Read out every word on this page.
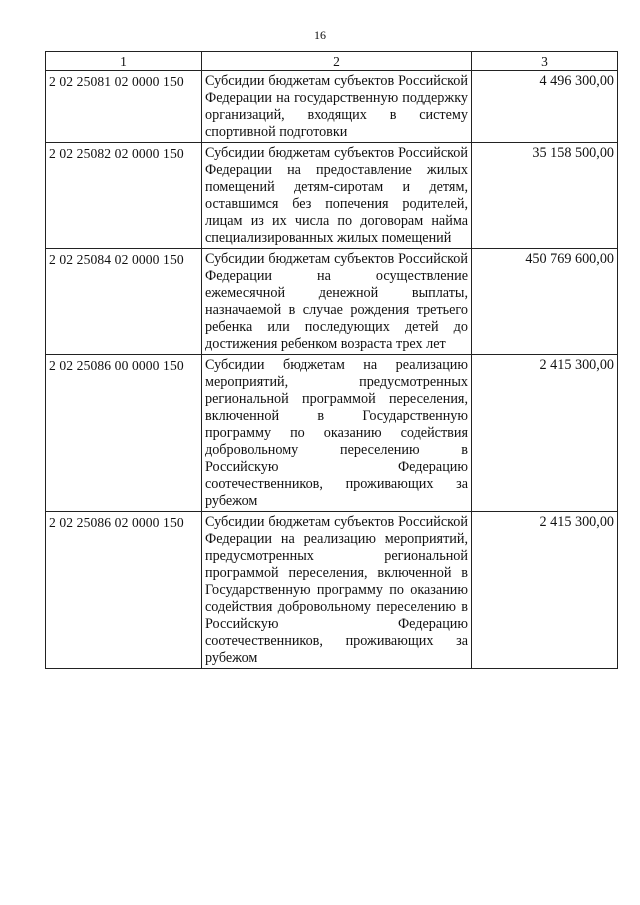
16
1	2	3
2 02 25081 02 0000 150	Субсидии бюджетам субъектов Российской Федерации на государственную поддержку организаций, входящих в систему спортивной подготовки	4 496 300,00
2 02 25082 02 0000 150	Субсидии бюджетам субъектов Российской Федерации на предоставление жилых помещений детям-сиротам и детям, оставшимся без попечения родителей, лицам из их числа по договорам найма специализированных жилых помещений	35 158 500,00
2 02 25084 02 0000 150	Субсидии бюджетам субъектов Российской Федерации на осуществление ежемесячной денежной выплаты, назначаемой в случае рождения третьего ребенка или последующих детей до достижения ребенком возраста трех лет	450 769 600,00
2 02 25086 00 0000 150	Субсидии бюджетам на реализацию мероприятий, предусмотренных региональной программой переселения, включенной в Государственную программу по оказанию содействия добровольному переселению в Российскую Федерацию соотечественников, проживающих за рубежом	2 415 300,00
2 02 25086 02 0000 150	Субсидии бюджетам субъектов Российской Федерации на реализацию мероприятий, предусмотренных региональной программой переселения, включенной в Государственную программу по оказанию содействия добровольному переселению в Российскую Федерацию соотечественников, проживающих за рубежом	2 415 300,00
